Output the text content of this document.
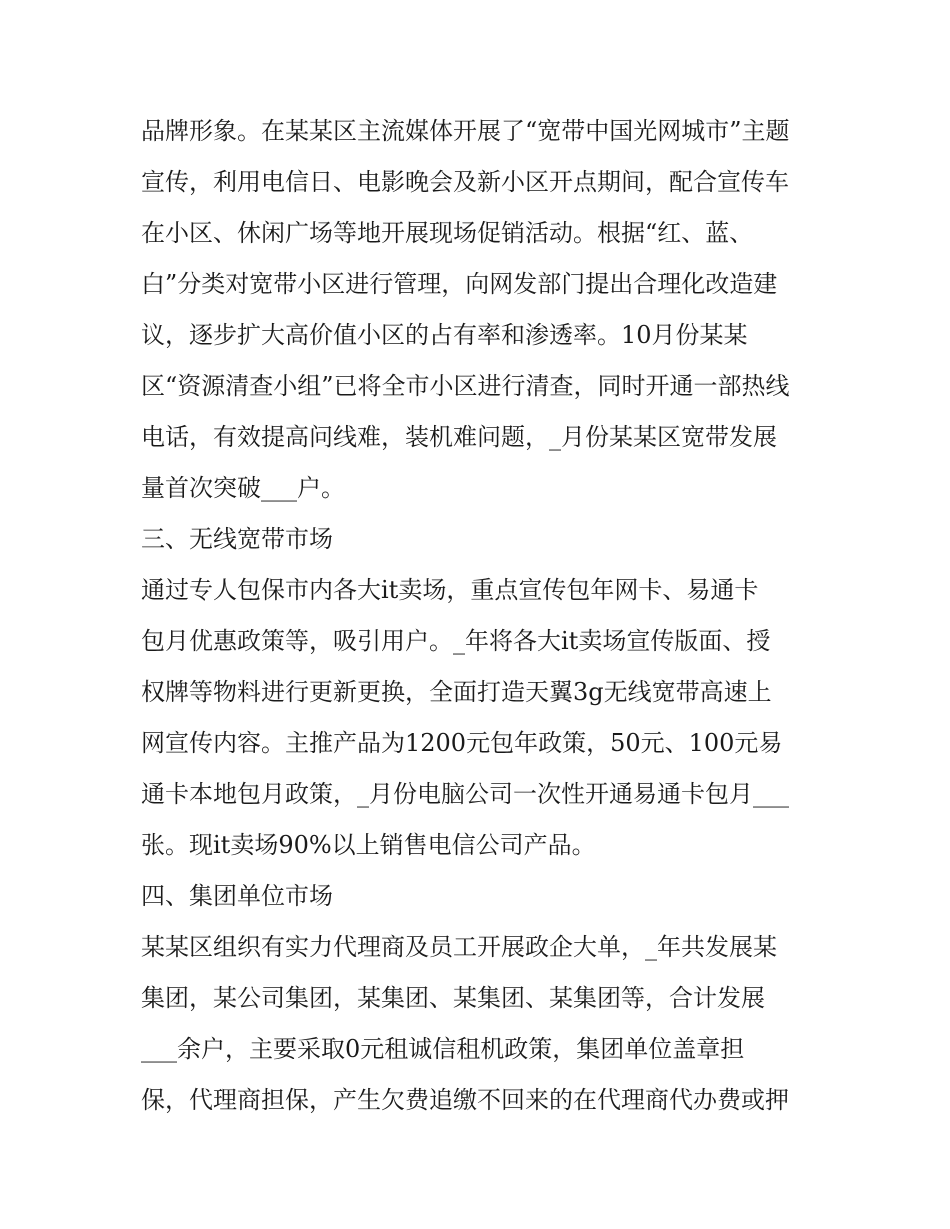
品牌形象。在某某区主流媒体开展了“宽带中国光网城市”主题
宣传，利用电信日、电影晚会及新小区开点期间，配合宣传车
在小区、休闲广场等地开展现场促销活动。根据“红、蓝、
白”分类对宽带小区进行管理，向网发部门提出合理化改造建
议，逐步扩大高价值小区的占有率和渗透率。10月份某某
区“资源清查小组”已将全市小区进行清查，同时开通一部热线
电话，有效提高问线难，装机难问题，_月份某某区宽带发展
量首次突破___户。
三、无线宽带市场
通过专人包保市内各大it卖场，重点宣传包年网卡、易通卡
包月优惠政策等，吸引用户。_年将各大it卖场宣传版面、授
权牌等物料进行更新更换，全面打造天翼3g无线宽带高速上
网宣传内容。主推产品为1200元包年政策，50元、100元易
通卡本地包月政策，_月份电脑公司一次性开通易通卡包月___
张。现it卖场90%以上销售电信公司产品。
四、集团单位市场
某某区组织有实力代理商及员工开展政企大单，_年共发展某
集团，某公司集团，某集团、某集团、某集团等，合计发展
___余户，主要采取0元租诚信租机政策，集团单位盖章担
保，代理商担保，产生欠费追缴不回来的在代理商代办费或押
